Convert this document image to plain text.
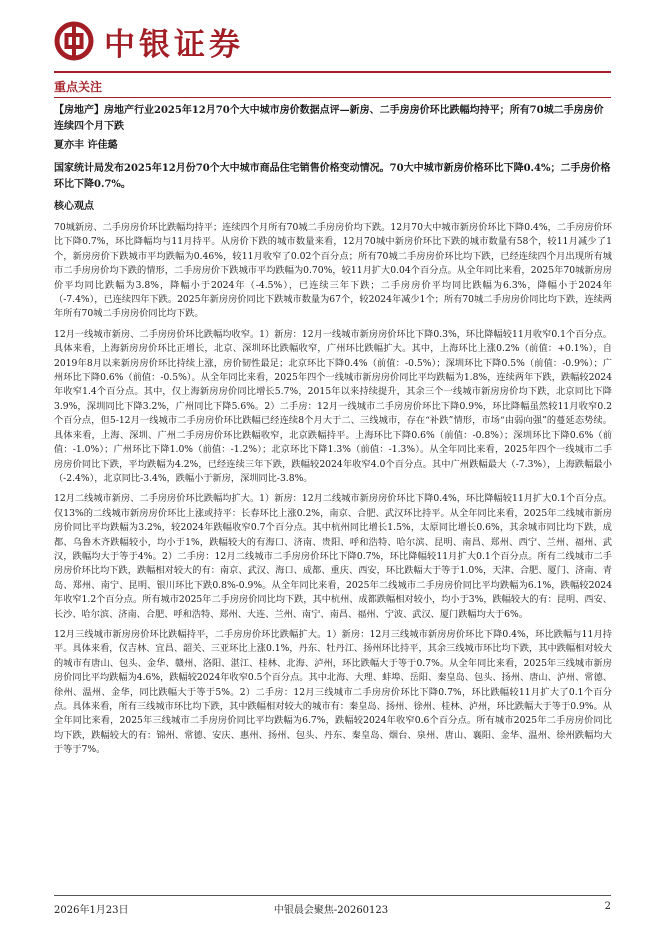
中银证券
重点关注

【房地产】房地产行业2025年12月70个大中城市房价数据点评—新房、二手房房价环比跌幅均持平；所有70城二手房房价连续四个月下跌

夏亦丰 许佳璐
国家统计局发布2025年12月份70个大中城市商品住宅销售价格变动情况。70大中城市新房价格环比下降0.4%；二手房价格环比下降0.7%。
核心观点
70城新房、二手房房价环比跌幅均持平；连续四个月所有70城二手房房价均下跌。12月70大中城市新房价环比下降0.4%，二手房房价环比下降0.7%，环比降幅均与11月持平。从房价下跌的城市数量来看，12月70城中新房价环比下跌的城市数量有58个，较11月减少了1个，新房房价下跌城市平均跌幅为0.46%，较11月收窄了0.02个百分点；所有70城二手房房价环比均下跌，已经连续四个月出现所有城市二手房房价均下跌的情形，二手房房价下跌城市平均跌幅为0.70%，较11月扩大0.04个百分点。从全年同比来看，2025年70城新房房价平均同比跌幅为3.8%，降幅小于2024年（-4.5%），已连续三年下跌；二手房房价平均同比跌幅为6.3%，降幅小于2024年（-7.4%），已连续四年下跌。2025年新房房价同比下跌城市数量为67个，较2024年减少1个；所有70城二手房房价同比均下跌，连续两年所有70城二手房房价同比均下跌。
12月一线城市新房、二手房房价环比跌幅均收窄。1）新房：12月一线城市新房房价环比下降0.3%，环比降幅较11月收窄0.1个百分点。具体来看，上海新房房价环比正增长，北京、深圳环比跌幅收窄，广州环比跌幅扩大。其中，上海环比上涨0.2%（前值：+0.1%），自2019年8月以来新房房价环比持续上涨，房价韧性最足；北京环比下降0.4%（前值：-0.5%）；深圳环比下降0.5%（前值：-0.9%）；广州环比下降0.6%（前值：-0.5%）。从全年同比来看，2025年四个一线城市新房房价同比平均跌幅为1.8%，连续两年下跌，跌幅较2024年收窄1.4个百分点。其中，仅上海新房房价同比增长5.7%，2015年以来持续提升，其余三个一线城市新房房价均下跌，北京同比下降3.9%，深圳同比下降3.2%，广州同比下降5.6%。2）二手房：12月一线城市二手房房价环比下降0.9%，环比降幅虽然较11月收窄0.2个百分点，但5-12月一线城市二手房房价环比跌幅已经连续8个月大于二、三线城市，存在“补跌”情形，市场“由弱向强”的蔓延态势续。具体来看，上海、深圳、广州二手房房价环比跌幅收窄，北京跌幅持平。上海环比下降0.6%（前值：-0.8%）；深圳环比下降0.6%（前值：-1.0%）；广州环比下降1.0%（前值：-1.2%）；北京环比下降1.3%（前值：-1.3%）。从全年同比来看，2025年四个一线城市二手房房价同比下跌，平均跌幅为4.2%，已经连续三年下跌，跌幅较2024年收窄4.0个百分点。其中广州跌幅最大（-7.3%），上海跌幅最小（-2.4%），北京同比-3.4%，跌幅小于新房，深圳同比-3.8%。
12月二线城市新房、二手房房价环比跌幅均扩大。1）新房：12月二线城市新房房价环比下降0.4%，环比降幅较11月扩大0.1个百分点。仅13%的二线城市新房房价环比上涨或持平：长春环比上涨0.2%，南京、合肥、武汉环比持平。从全年同比来看，2025年二线城市新房房价同比平均跌幅为3.2%，较2024年跌幅收窄0.7个百分点。其中杭州同比增长1.5%，太原同比增长0.6%，其余城市同比均下跌，成都、乌鲁木齐跌幅较小，均小于1%，跌幅较大的有海口、济南、贵阳、呼和浩特、哈尔滨、昆明、南昌、郑州、西宁、兰州、福州、武汉，跌幅均大于等于4%。2）二手房：12月二线城市二手房房价环比下降0.7%，环比降幅较11月扩大0.1个百分点。所有二线城市二手房房价环比均下跌，跌幅相对较大的有：南京、武汉、海口、成都、重庆、西安，环比跌幅大于等于1.0%，天津、合肥、厦门、济南、青岛、郑州、南宁、昆明、银川环比下跌0.8%-0.9%。从全年同比来看，2025年二线城市二手房房价同比平均跌幅为6.1%，跌幅较2024年收窄1.2个百分点。所有城市2025年二手房房价同比均下跌，其中杭州、成都跌幅相对较小，均小于3%，跌幅较大的有：昆明、西安、长沙、哈尔滨、济南、合肥、呼和浩特、郑州、大连、兰州、南宁、南昌、福州、宁波、武汉、厦门跌幅均大于6%。
12月三线城市新房房价环比跌幅持平，二手房房价环比跌幅扩大。1）新房：12月三线城市新房房价环比下降0.4%，环比跌幅与11月持平。具体来看，仅吉林、宜昌、韶关、三亚环比上涨0.1%，丹东、牡丹江、扬州环比持平，其余三线城市环比均下跌，其中跌幅相对较大的城市有唐山、包头、金华、赣州、洛阳、湛江、桂林、北海、泸州，环比跌幅大于等于0.7%。从全年同比来看，2025年三线城市新房房价同比平均跌幅为4.6%，跌幅较2024年收窄0.5个百分点。其中北海、大理、蚌埠、岳阳、秦皇岛、包头、扬州、唐山、泸州、常德、徐州、温州、金华，同比跌幅大于等于5%。2）二手房：12月三线城市二手房房价环比下降0.7%，环比跌幅较11月扩大了0.1个百分点。具体来看，所有三线城市环比均下跌，其中跌幅相对较大的城市有：秦皇岛、扬州、徐州、桂林、泸州，环比跌幅大于等于0.9%。从全年同比来看，2025年三线城市二手房房价同比平均跌幅为6.7%，跌幅较2024年收窄0.6个百分点。所有城市2025年二手房房价同比均下跌，跌幅较大的有：锦州、常德、安庆、惠州、扬州、包头、丹东、秦皇岛、烟台、泉州、唐山、襄阳、金华、温州、徐州跌幅均大于等于7%。
2026年1月23日	中银晨会聚焦-20260123	2
